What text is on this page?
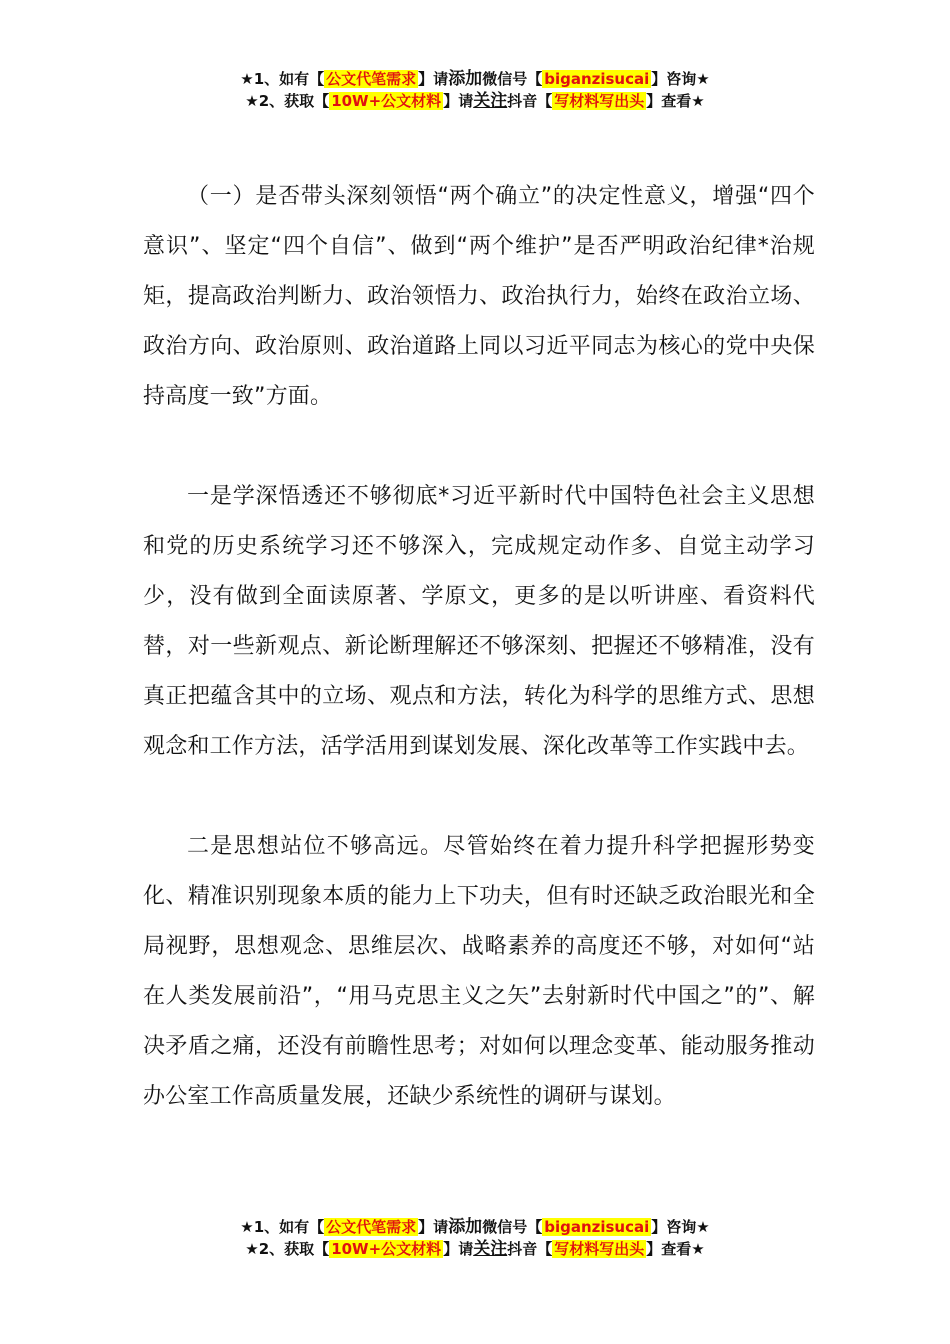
★1、如有【 公文代笔需求 】请添加微信号【 biganzisucai 】咨询★
★2、获取【 10W+公文材料 】请关注抖音【 写材料写出头 】查看★

（一）是否带头深刻领悟“两个确立”的决定性意义，增强“四个意识”、坚定“四个自信”、做到“两个维护”是否严明政治纪律*治规矩，提高政治判断力、政治领悟力、政治执行力，始终在政治立场、政治方向、政治原则、政治道路上同以习近平同志为核心的党中央保持高度一致”方面。

一是学深悟透还不够彻底*习近平新时代中国特色社会主义思想和党的历史系统学习还不够深入，完成规定动作多、自觉主动学习少，没有做到全面读原著、学原文，更多的是以听讲座、看资料代替，对一些新观点、新论断理解还不够深刻、把握还不够精准，没有真正把蕴含其中的立场、观点和方法，转化为科学的思维方式、思想观念和工作方法，活学活用到谋划发展、深化改革等工作实践中去。

二是思想站位不够高远。尽管始终在着力提升科学把握形势变化、精准识别现象本质的能力上下功夫，但有时还缺乏政治眼光和全局视野，思想观念、思维层次、战略素养的高度还不够，对如何“站在人类发展前沿”，“用马克思主义之矢”去射新时代中国之”的”、解决矛盾之痛，还没有前瞻性思考；对如何以理念变革、能动服务推动办公室工作高质量发展，还缺少系统性的调研与谋划。

★1、如有【 公文代笔需求 】请添加微信号【 biganzisucai 】咨询★
★2、获取【 10W+公文材料 】请关注抖音【 写材料写出头 】查看★
